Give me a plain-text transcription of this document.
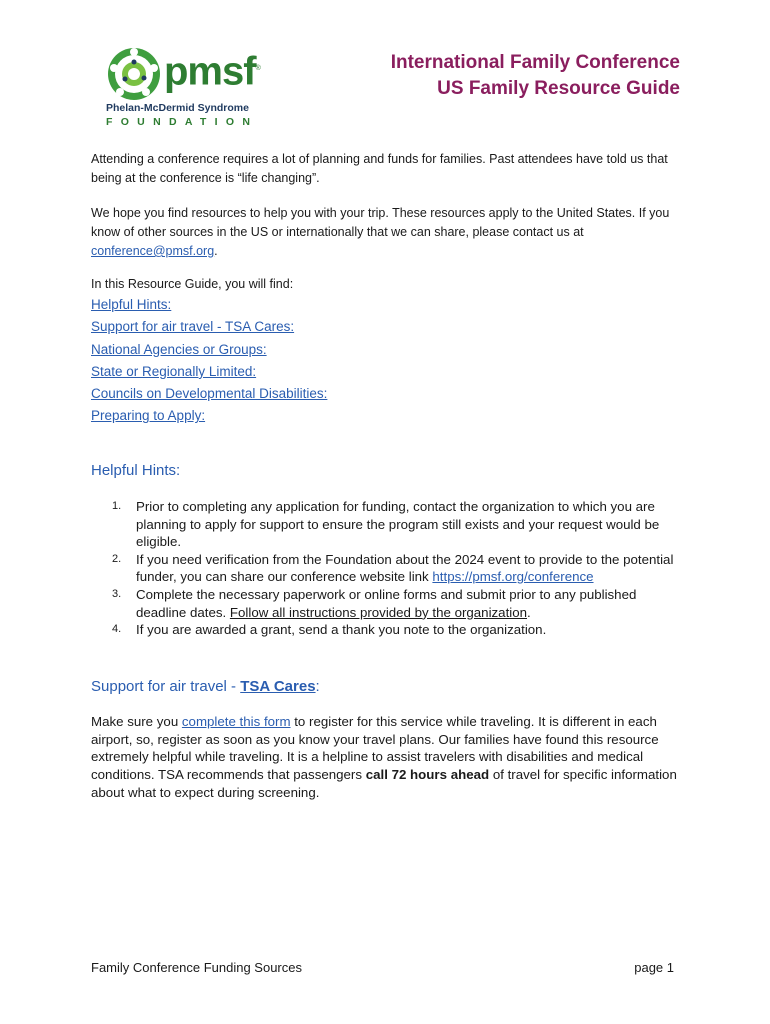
pmsf®
Phelan-McDermid Syndrome
FOUNDATION
International Family Conference
US Family Resource Guide
Attending a conference requires a lot of planning and funds for families. Past attendees have told us that being at the conference is “life changing”.
We hope you find resources to help you with your trip. These resources apply to the United States. If you know of other sources in the US or internationally that we can share, please contact us at conference@pmsf.org.
In this Resource Guide, you will find:
Helpful Hints:
Support for air travel - TSA Cares:
National Agencies or Groups:
State or Regionally Limited:
Councils on Developmental Disabilities:
Preparing to Apply:
Helpful Hints:
1. Prior to completing any application for funding, contact the organization to which you are planning to apply for support to ensure the program still exists and your request would be eligible.
2. If you need verification from the Foundation about the 2024 event to provide to the potential funder, you can share our conference website link https://pmsf.org/conference
3. Complete the necessary paperwork or online forms and submit prior to any published deadline dates. Follow all instructions provided by the organization.
4. If you are awarded a grant, send a thank you note to the organization.
Support for air travel - TSA Cares:
Make sure you complete this form to register for this service while traveling. It is different in each airport, so, register as soon as you know your travel plans. Our families have found this resource extremely helpful while traveling. It is a helpline to assist travelers with disabilities and medical conditions. TSA recommends that passengers call 72 hours ahead of travel for specific information about what to expect during screening.
Family Conference Funding Sources	page 1
